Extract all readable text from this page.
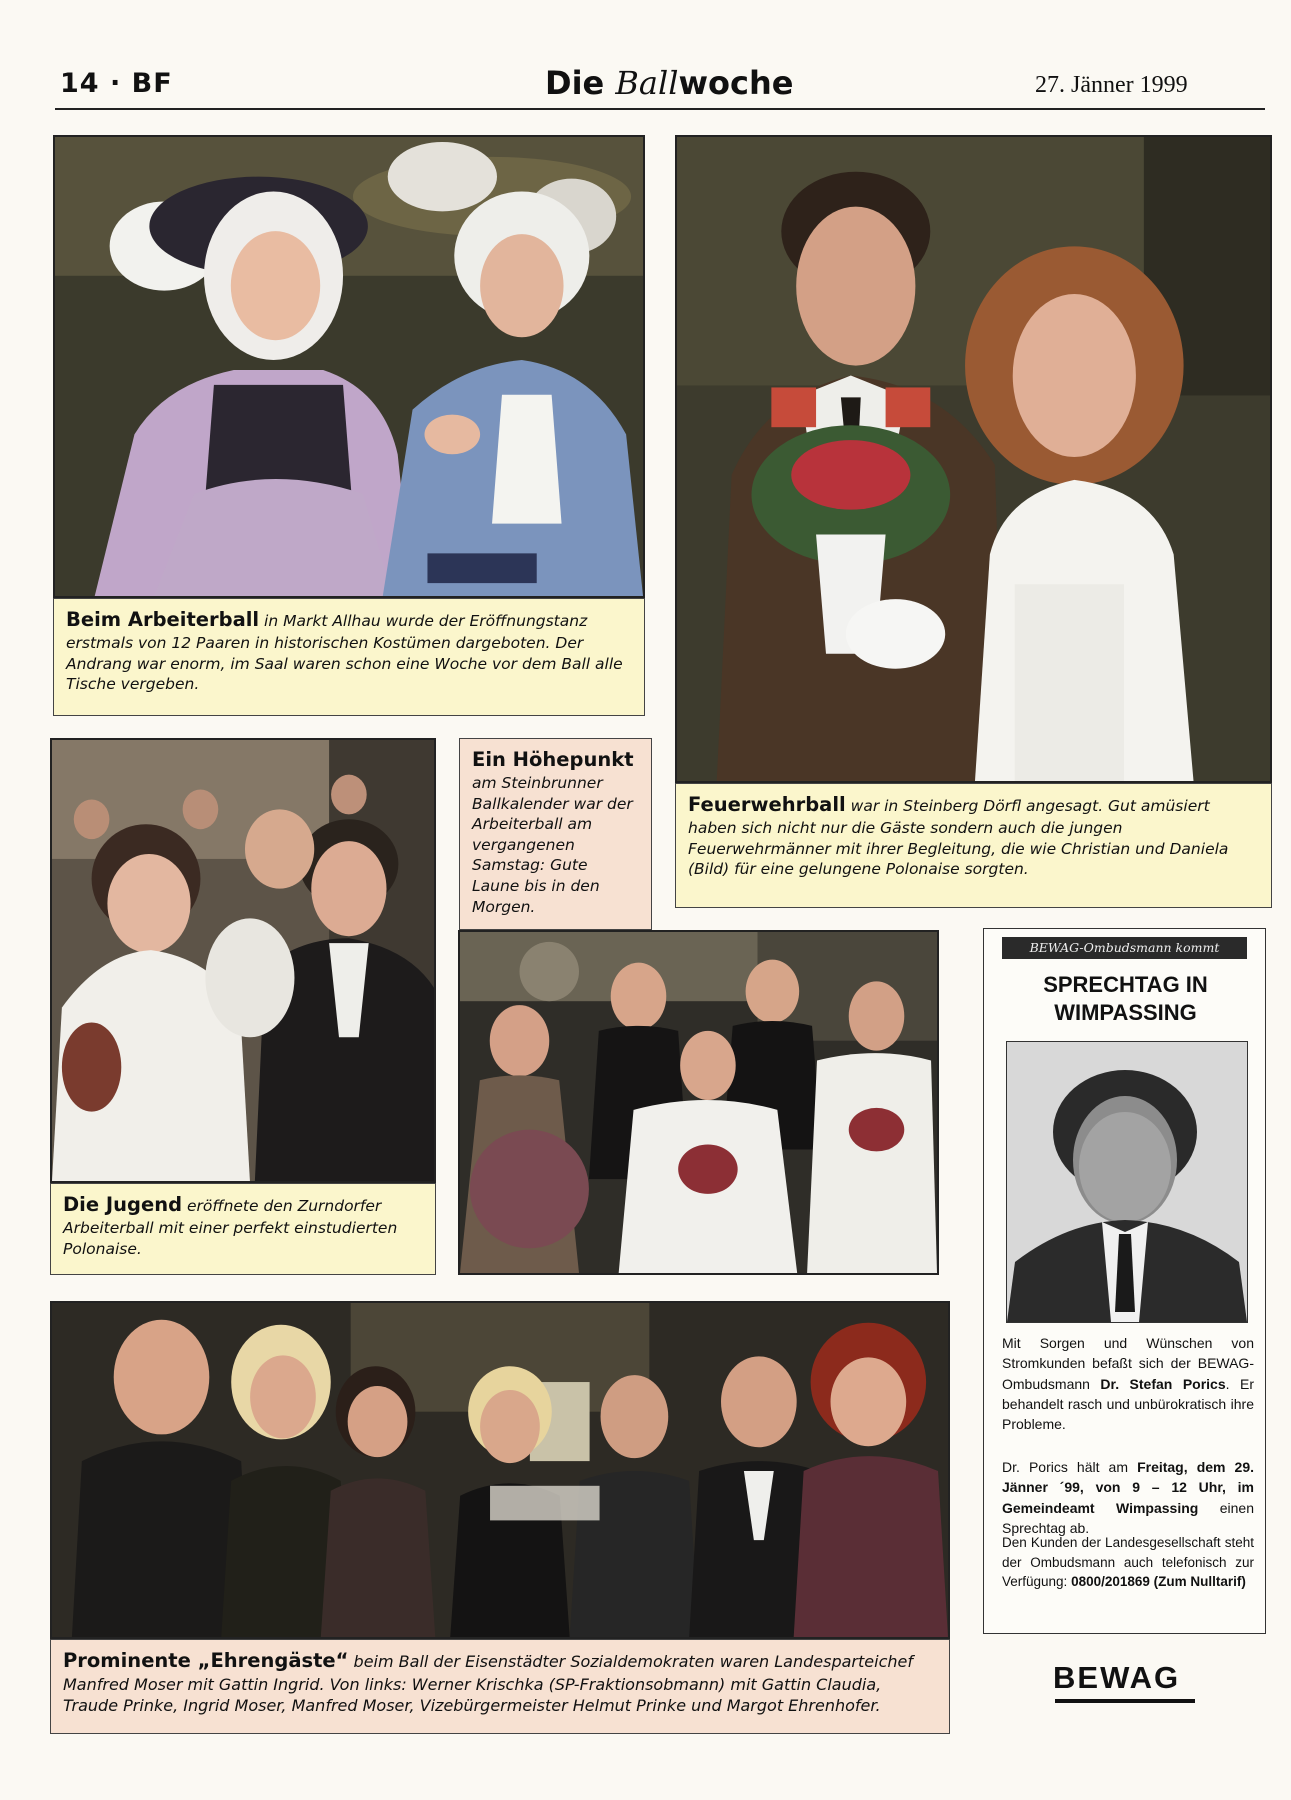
14 · BF	Die Ballwoche	27. Jänner 1999
Beim Arbeiterball in Markt Allhau wurde der Eröffnungstanz erstmals von 12 Paaren in historischen Kostümen dargeboten. Der Andrang war enorm, im Saal waren schon eine Woche vor dem Ball alle Tische vergeben.
Feuerwehrball war in Steinberg Dörfl angesagt. Gut amüsiert haben sich nicht nur die Gäste sondern auch die jungen Feuerwehrmänner mit ihrer Begleitung, die wie Christian und Daniela (Bild) für eine gelungene Polonaise sorgten.
Die Jugend eröffnete den Zurndorfer Arbeiterball mit einer perfekt einstudierten Polonaise.
Ein Höhepunkt
am Steinbrunner Ballkalender war der Arbeiterball am vergangenen Samstag: Gute Laune bis in den Morgen.
Prominente „Ehrengäste“ beim Ball der Eisenstädter Sozialdemokraten waren Landesparteichef Manfred Moser mit Gattin Ingrid. Von links: Werner Krischka (SP-Fraktionsobmann) mit Gattin Claudia, Traude Prinke, Ingrid Moser, Manfred Moser, Vizebürgermeister Helmut Prinke und Margot Ehrenhofer.
BEWAG-Ombudsmann kommt
SPRECHTAG IN
WIMPASSING
Mit Sorgen und Wünschen von Stromkunden befaßt sich der BEWAG-Ombudsmann Dr. Stefan Porics. Er behandelt rasch und unbürokratisch ihre Probleme.
Dr. Porics hält am Freitag, dem 29. Jänner ´99, von 9 – 12 Uhr, im Gemeindeamt Wimpassing einen Sprechtag ab.
Den Kunden der Landesgesellschaft steht der Ombudsmann auch telefonisch zur Verfügung: 0800/201869 (Zum Nulltarif)
BEWAG
